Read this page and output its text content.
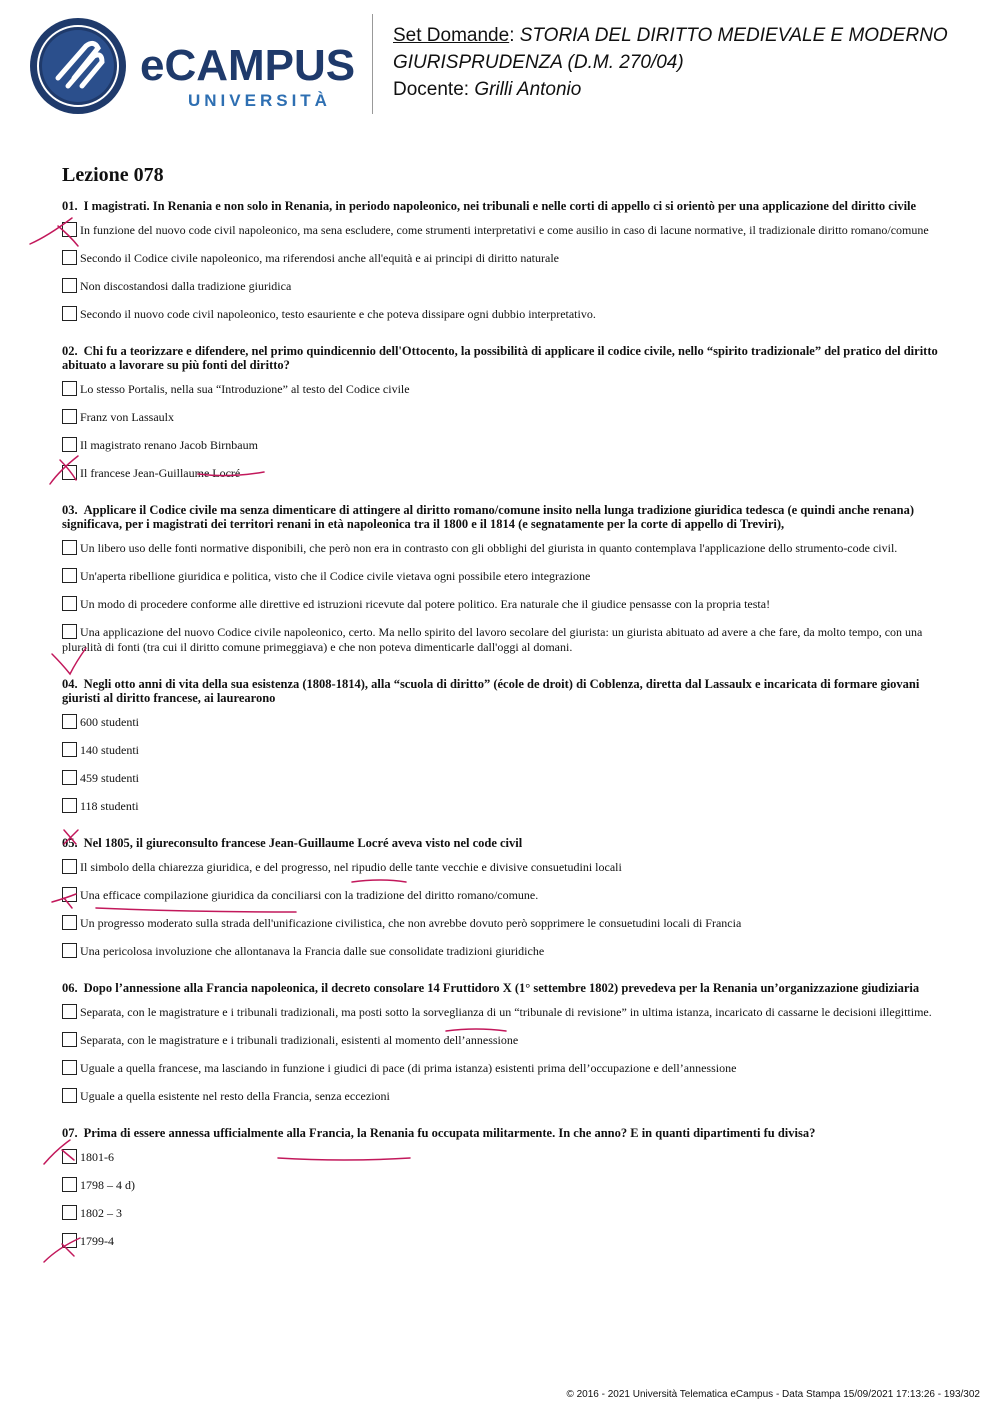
eCAMPUS
UNIVERSITÀ
Set Domande: STORIA DEL DIRITTO MEDIEVALE E MODERNO
GIURISPRUDENZA (D.M. 270/04)
Docente: Grilli Antonio
Lezione 078
01. I magistrati. In Renania e non solo in Renania, in periodo napoleonico, nei tribunali e nelle corti di appello ci si orientò per una applicazione del diritto civile
In funzione del nuovo code civil napoleonico, ma sena escludere, come strumenti interpretativi e come ausilio in caso di lacune normative, il tradizionale diritto romano/comune
Secondo il Codice civile napoleonico, ma riferendosi anche all'equità e ai principi di diritto naturale
Non discostandosi dalla tradizione giuridica
Secondo il nuovo code civil napoleonico, testo esauriente e che poteva dissipare ogni dubbio interpretativo.
02. Chi fu a teorizzare e difendere, nel primo quindicennio dell'Ottocento, la possibilità di applicare il codice civile, nello “spirito tradizionale” del pratico del diritto abituato a lavorare su più fonti del diritto?
Lo stesso Portalis, nella sua “Introduzione” al testo del Codice civile
Franz von Lassaulx
Il magistrato renano Jacob Birnbaum
Il francese Jean-Guillaume Locré
03. Applicare il Codice civile ma senza dimenticare di attingere al diritto romano/comune insito nella lunga tradizione giuridica tedesca (e quindi anche renana) significava, per i magistrati dei territori renani in età napoleonica tra il 1800 e il 1814 (e segnatamente per la corte di appello di Treviri),
Un libero uso delle fonti normative disponibili, che però non era in contrasto con gli obblighi del giurista in quanto contemplava l'applicazione dello strumento-code civil.
Un'aperta ribellione giuridica e politica, visto che il Codice civile vietava ogni possibile etero integrazione
Un modo di procedere conforme alle direttive ed istruzioni ricevute dal potere politico. Era naturale che il giudice pensasse con la propria testa!
Una applicazione del nuovo Codice civile napoleonico, certo. Ma nello spirito del lavoro secolare del giurista: un giurista abituato ad avere a che fare, da molto tempo, con una pluralità di fonti (tra cui il diritto comune primeggiava) e che non poteva dimenticarle dall'oggi al domani.
04. Negli otto anni di vita della sua esistenza (1808-1814), alla “scuola di diritto” (école de droit) di Coblenza, diretta dal Lassaulx e incaricata di formare giovani giuristi al diritto francese, ai laurearono
600 studenti
140 studenti
459 studenti
118 studenti
05. Nel 1805, il giureconsulto francese Jean-Guillaume Locré aveva visto nel code civil
Il simbolo della chiarezza giuridica, e del progresso, nel ripudio delle tante vecchie e divisive consuetudini locali
Una efficace compilazione giuridica da conciliarsi con la tradizione del diritto romano/comune.
Un progresso moderato sulla strada dell'unificazione civilistica, che non avrebbe dovuto però sopprimere le consuetudini locali di Francia
Una pericolosa involuzione che allontanava la Francia dalle sue consolidate tradizioni giuridiche
06. Dopo l’annessione alla Francia napoleonica, il decreto consolare 14 Fruttidoro X (1° settembre 1802) prevedeva per la Renania un’organizzazione giudiziaria
Separata, con le magistrature e i tribunali tradizionali, ma posti sotto la sorveglianza di un “tribunale di revisione” in ultima istanza, incaricato di cassarne le decisioni illegittime.
Separata, con le magistrature e i tribunali tradizionali, esistenti al momento dell’annessione
Uguale a quella francese, ma lasciando in funzione i giudici di pace (di prima istanza) esistenti prima dell’occupazione e dell’annessione
Uguale a quella esistente nel resto della Francia, senza eccezioni
07. Prima di essere annessa ufficialmente alla Francia, la Renania fu occupata militarmente. In che anno? E in quanti dipartimenti fu divisa?
1801-6
1798 – 4 d)
1802 – 3
1799-4
© 2016 - 2021 Università Telematica eCampus - Data Stampa 15/09/2021 17:13:26 - 193/302
